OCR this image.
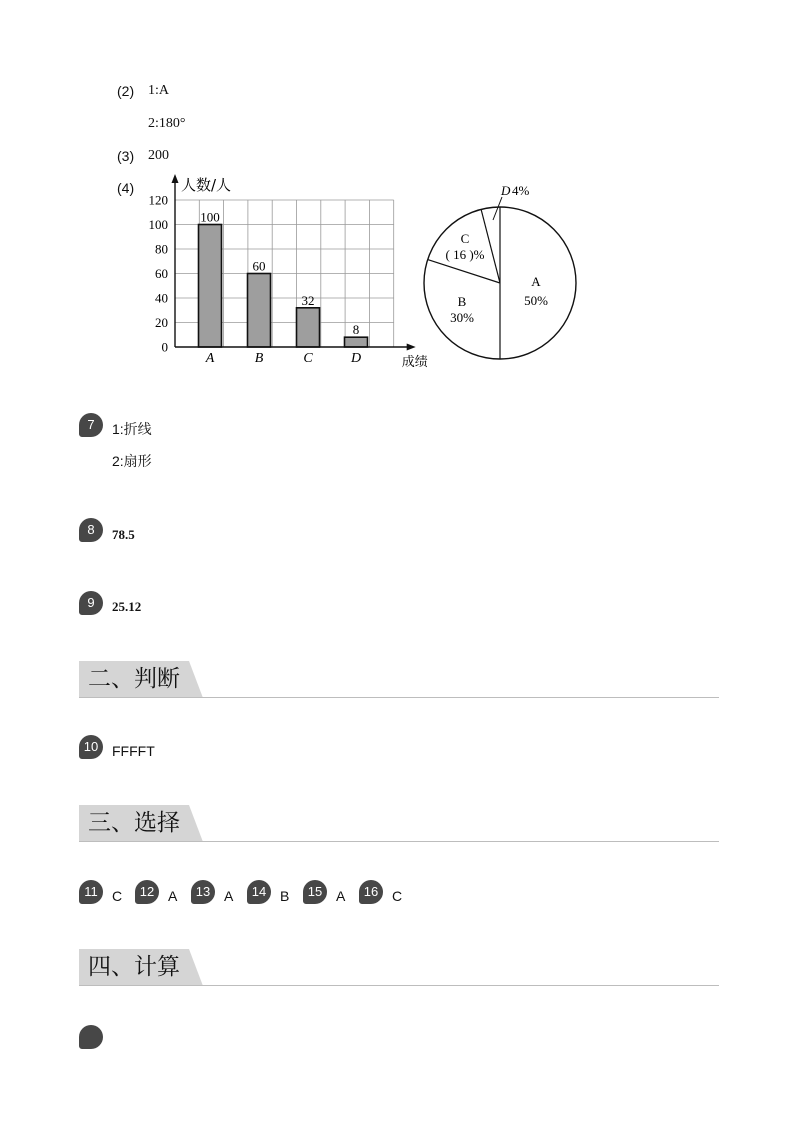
(2) 1:A
2:180°
(3) 200
(4)
0
20
40
60
80
100
120
100
A
60
B
32
C
8
D
人数/人
成绩
A
50%
B
30%
C
( 16 )%
D 4%
7	1:折线
2:扇形
8	78.5
9	25.12
二、判断
10 FFFFT
三、选择
11	C	12 A	13 A	14 B	15 A	16 C
四、计算
